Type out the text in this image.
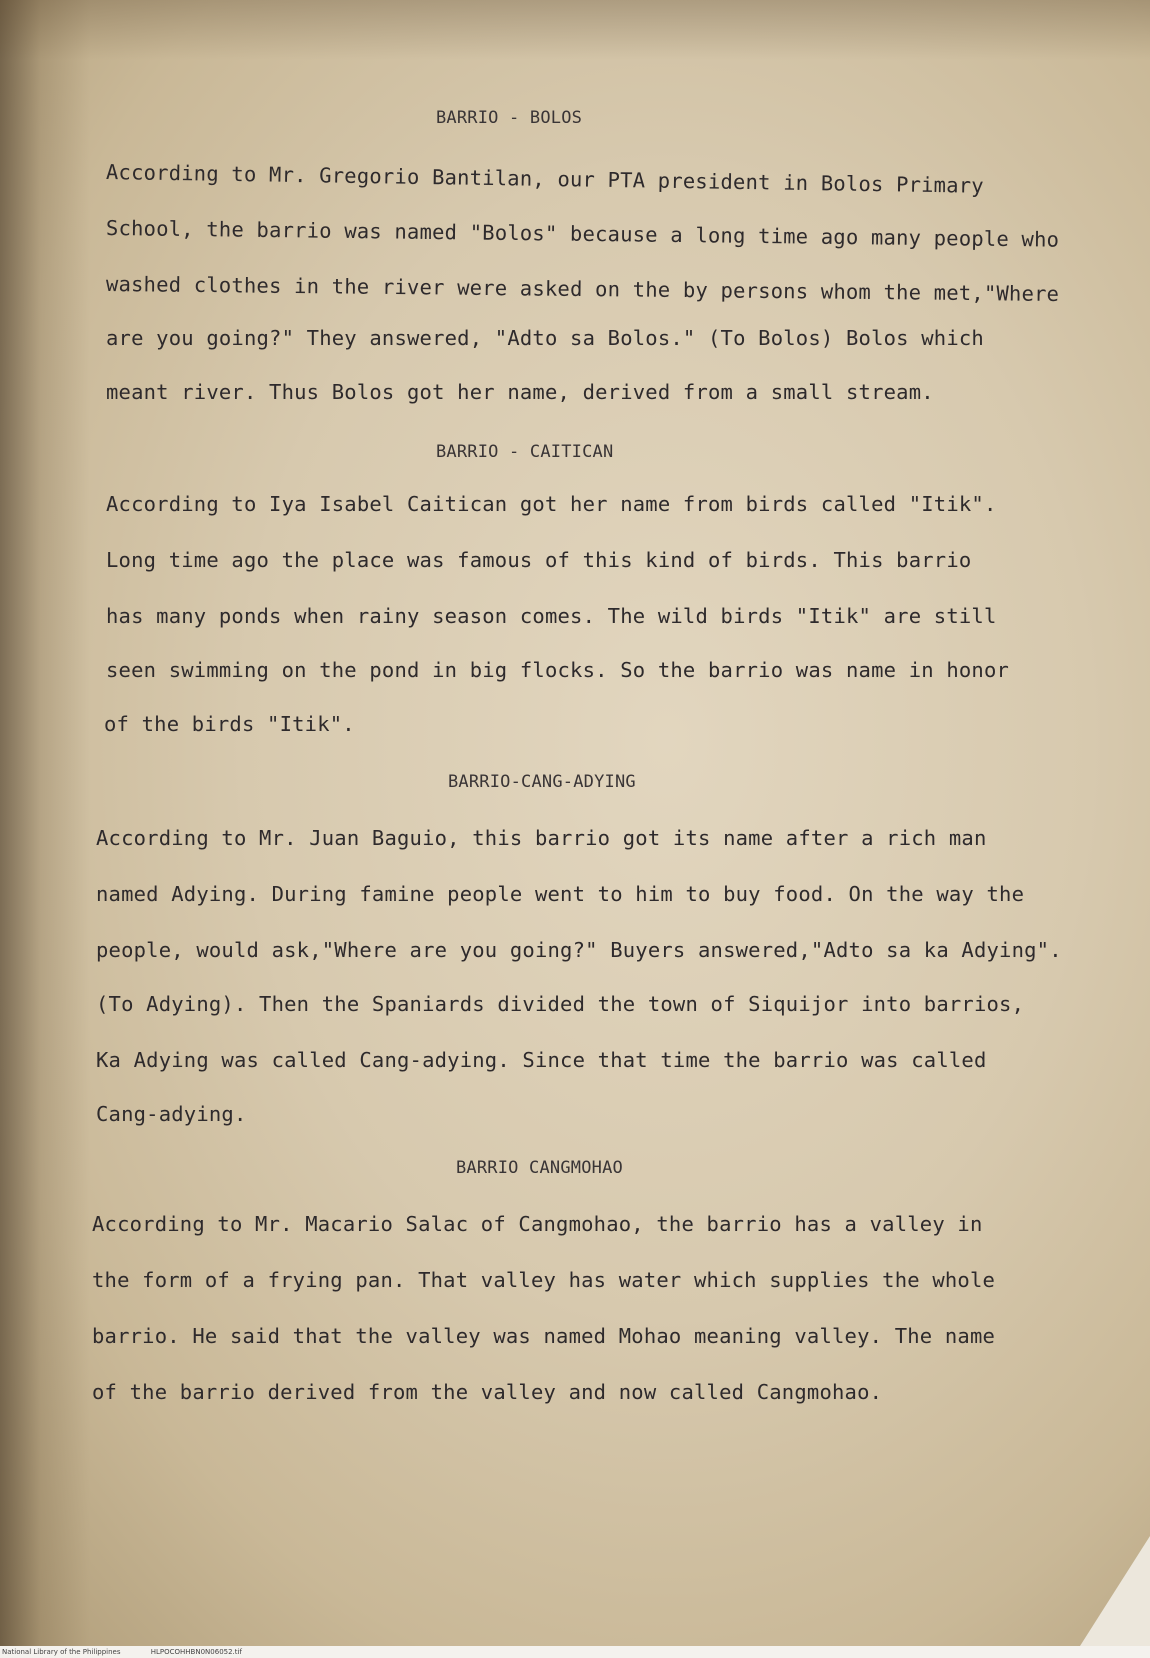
BARRIO - BOLOS
According to Mr. Gregorio Bantilan, our PTA president in Bolos Primary
School, the barrio was named "Bolos" because a long time ago many people who
washed clothes in the river were asked on the by persons whom the met,"Where
are you going?" They answered, "Adto sa Bolos." (To Bolos) Bolos which
meant river. Thus Bolos got her name, derived from a small stream.
BARRIO - CAITICAN
According to Iya Isabel Caitican got her name from birds called "Itik".
Long time ago the place was famous of this kind of birds. This barrio
has many ponds when rainy season comes. The wild birds "Itik" are still
seen swimming on the pond in big flocks. So the barrio was name in honor
of the birds "Itik".
BARRIO-CANG-ADYING
According to Mr. Juan Baguio, this barrio got its name after a rich man
named Adying. During famine people went to him to buy food. On the way the
people, would ask,"Where are you going?" Buyers answered,"Adto sa ka Adying".
(To Adying). Then the Spaniards divided the town of Siquijor into barrios,
Ka Adying was called Cang-adying. Since that time the barrio was called
Cang-adying.
BARRIO CANGMOHAO
According to Mr. Macario Salac of Cangmohao, the barrio has a valley in
the form of a frying pan. That valley has water which supplies the whole
barrio. He said that the valley was named Mohao meaning valley. The name
of the barrio derived from the valley and now called Cangmohao.
National Library of the Philippines	HLPOCOHHBN0N06052.tif
